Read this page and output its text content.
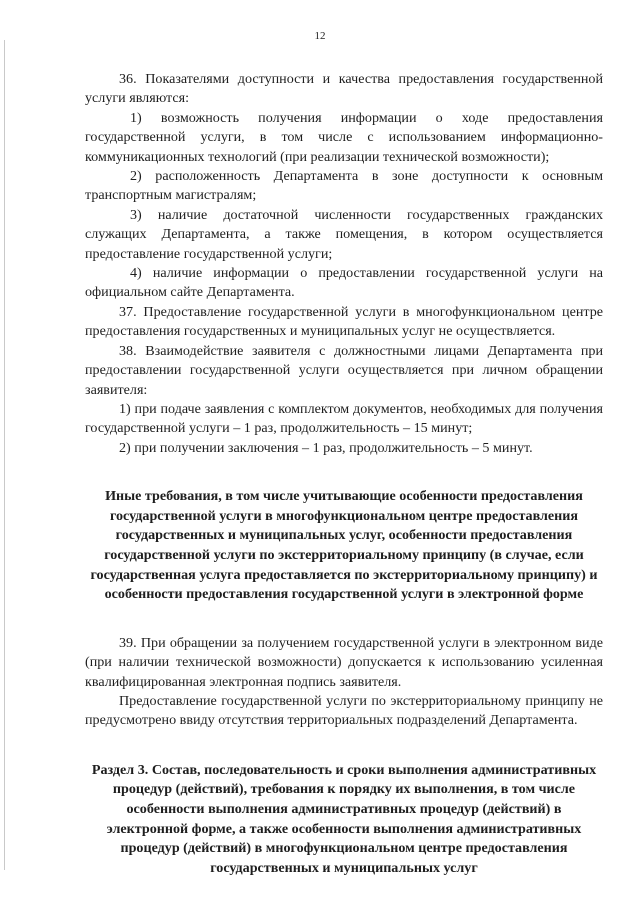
12

36. Показателями доступности и качества предоставления государственной услуги являются:

1) возможность получения информации о ходе предоставления государственной услуги, в том числе с использованием информационно-коммуникационных технологий (при реализации технической возможности);

2) расположенность Департамента в зоне доступности к основным транспортным магистралям;

3) наличие достаточной численности государственных гражданских служащих Департамента, а также помещения, в котором осуществляется предоставление государственной услуги;

4) наличие информации о предоставлении государственной услуги на официальном сайте Департамента.

37. Предоставление государственной услуги в многофункциональном центре предоставления государственных и муниципальных услуг не осуществляется.

38. Взаимодействие заявителя с должностными лицами Департамента при предоставлении государственной услуги осуществляется при личном обращении заявителя:

1) при подаче заявления с комплектом документов, необходимых для получения государственной услуги – 1 раз, продолжительность – 15 минут;

2) при получении заключения – 1 раз, продолжительность – 5 минут.

Иные требования, в том числе учитывающие особенности предоставления государственной услуги в многофункциональном центре предоставления государственных и муниципальных услуг, особенности предоставления государственной услуги по экстерриториальному принципу (в случае, если государственная услуга предоставляется по экстерриториальному принципу) и особенности предоставления государственной услуги в электронной форме

39. При обращении за получением государственной услуги в электронном виде (при наличии технической возможности) допускается к использованию усиленная квалифицированная электронная подпись заявителя.

Предоставление государственной услуги по экстерриториальному принципу не предусмотрено ввиду отсутствия территориальных подразделений Департамента.

Раздел 3. Состав, последовательность и сроки выполнения административных процедур (действий), требования к порядку их выполнения, в том числе особенности выполнения административных процедур (действий) в электронной форме, а также особенности выполнения административных процедур (действий) в многофункциональном центре предоставления государственных и муниципальных услуг
